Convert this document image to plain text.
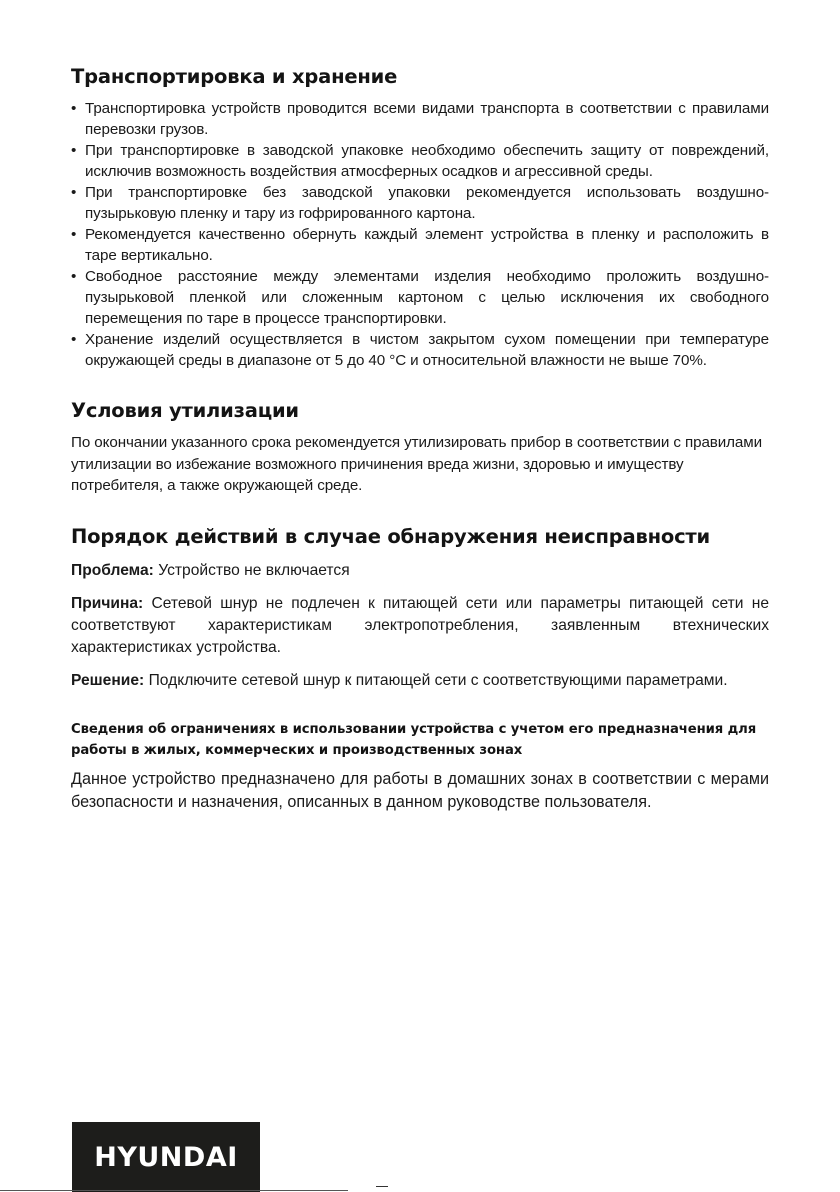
Транспортировка и хранение
• Транспортировка устройств проводится всеми видами транспорта в соответствии с правилами перевозки грузов.
• При транспортировке в заводской упаковке необходимо обеспечить защиту от повреждений, исключив возможность воздействия атмосферных осадков и агрессивной среды.
• При транспортировке без заводской упаковки рекомендуется использовать воздушно-пузырьковую пленку и тару из гофрированного картона.
• Рекомендуется качественно обернуть каждый элемент устройства в пленку и расположить в таре вертикально.
• Свободное расстояние между элементами изделия необходимо проложить воздушно-пузырьковой пленкой или сложенным картоном с целью исключения их свободного перемещения по таре в процессе транспортировки.
• Хранение изделий осуществляется в чистом закрытом сухом помещении при температуре окружающей среды в диапазоне от 5 до 40 °С и относительной влажности не выше 70%.
Условия утилизации

По окончании указанного срока рекомендуется утилизировать прибор в соответствии с правилами утилизации во избежание возможного причинения вреда жизни, здоровью и имуществу потребителя, а также окружающей среде.

Порядок действий в случае обнаружения неисправности

Проблема: Устройство не включается

Причина: Сетевой шнур не подлечен к питающей сети или параметры питающей сети не соответствуют характеристикам электропотребления, заявленным втехнических характеристиках устройства.

Решение: Подключите сетевой шнур к питающей сети с соответствующими параметрами.

Сведения об ограничениях в использовании устройства с учетом его предназначения для работы в жилых, коммерческих и производственных зонах

Данное устройство предназначено для работы в домашних зонах в соответствии с мерами безопасности и назначения, описанных в данном руководстве пользователя.

HYUNDAI
